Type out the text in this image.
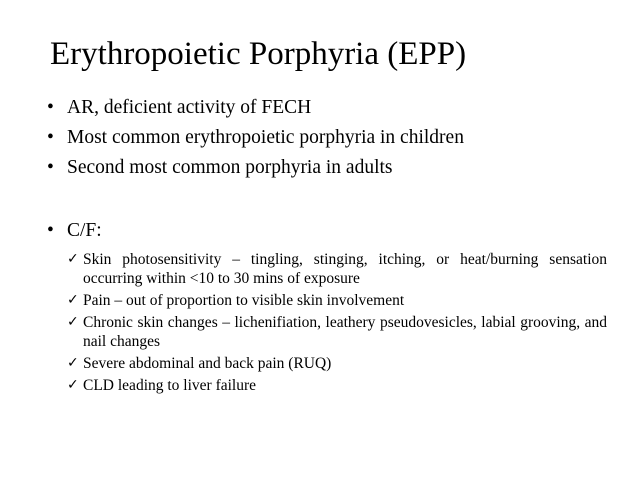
Erythropoietic Porphyria (EPP)
• AR, deficient activity of FECH
• Most common erythropoietic porphyria in children
• Second most common porphyria in adults
• C/F:
✓ Skin photosensitivity – tingling, stinging, itching, or heat/burning sensation occurring within <10 to 30 mins of exposure
✓ Pain – out of proportion to visible skin involvement
✓ Chronic skin changes – lichenifiation, leathery pseudovesicles, labial grooving, and nail changes
✓ Severe abdominal and back pain (RUQ)
✓ CLD leading to liver failure
